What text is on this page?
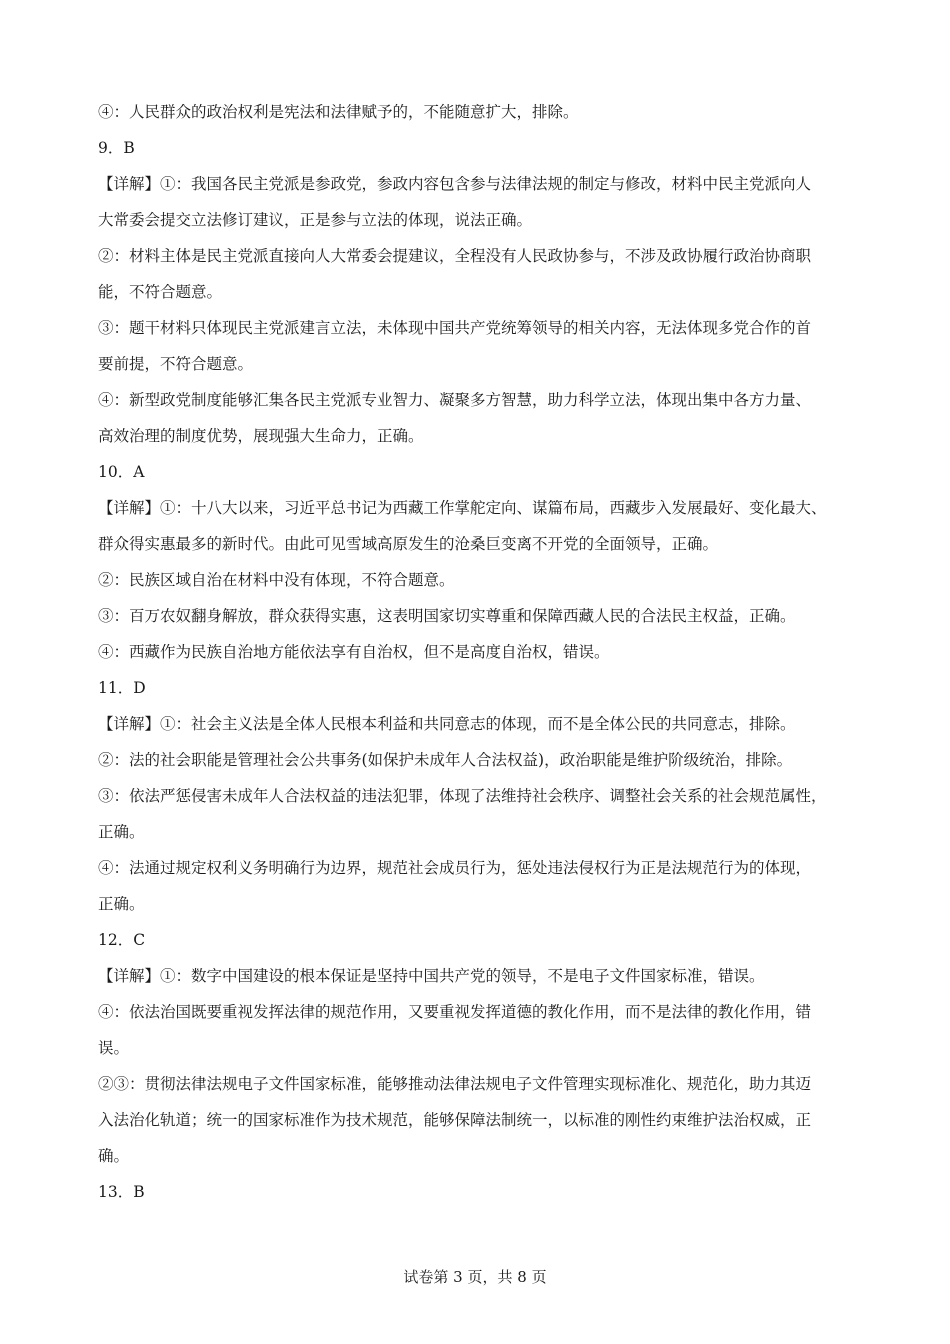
④：人民群众的政治权利是宪法和法律赋予的，不能随意扩大，排除。
9．B
【详解】①：我国各民主党派是参政党，参政内容包含参与法律法规的制定与修改，材料中民主党派向人
大常委会提交立法修订建议，正是参与立法的体现，说法正确。
②：材料主体是民主党派直接向人大常委会提建议，全程没有人民政协参与，不涉及政协履行政治协商职
能，不符合题意。
③：题干材料只体现民主党派建言立法，未体现中国共产党统筹领导的相关内容，无法体现多党合作的首
要前提，不符合题意。
④：新型政党制度能够汇集各民主党派专业智力、凝聚多方智慧，助力科学立法，体现出集中各方力量、
高效治理的制度优势，展现强大生命力，正确。
10．A
【详解】①：十八大以来，习近平总书记为西藏工作掌舵定向、谋篇布局，西藏步入发展最好、变化最大、
群众得实惠最多的新时代。由此可见雪域高原发生的沧桑巨变离不开党的全面领导，正确。
②：民族区域自治在材料中没有体现，不符合题意。
③：百万农奴翻身解放，群众获得实惠，这表明国家切实尊重和保障西藏人民的合法民主权益，正确。
④：西藏作为民族自治地方能依法享有自治权，但不是高度自治权，错误。
11．D
【详解】①：社会主义法是全体人民根本利益和共同意志的体现，而不是全体公民的共同意志，排除。
②：法的社会职能是管理社会公共事务(如保护未成年人合法权益)，政治职能是维护阶级统治，排除。
③：依法严惩侵害未成年人合法权益的违法犯罪，体现了法维持社会秩序、调整社会关系的社会规范属性，
正确。
④：法通过规定权利义务明确行为边界，规范社会成员行为，惩处违法侵权行为正是法规范行为的体现，
正确。
12．C
【详解】①：数字中国建设的根本保证是坚持中国共产党的领导，不是电子文件国家标准，错误。
④：依法治国既要重视发挥法律的规范作用，又要重视发挥道德的教化作用，而不是法律的教化作用，错
误。
②③：贯彻法律法规电子文件国家标准，能够推动法律法规电子文件管理实现标准化、规范化，助力其迈
入法治化轨道；统一的国家标准作为技术规范，能够保障法制统一，以标准的刚性约束维护法治权威，正
确。
13．B
试卷第 3 页，共 8 页
